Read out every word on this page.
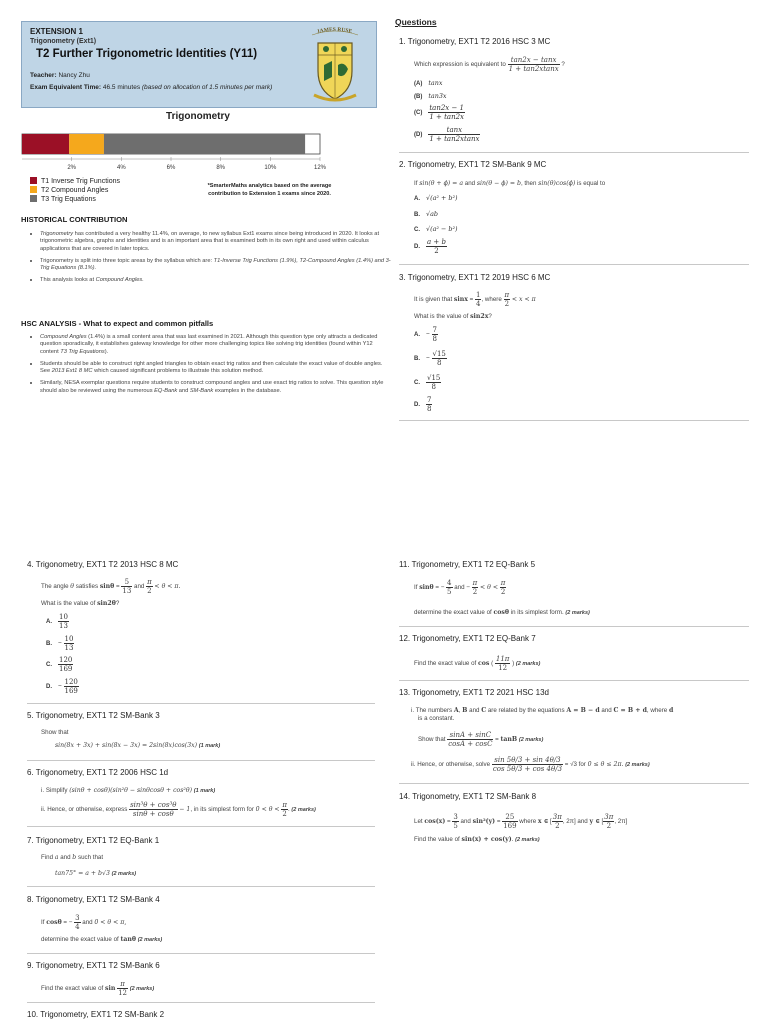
EXTENSION 1
Trigonometry (Ext1)
T2 Further Trigonometric Identities (Y11)
Teacher: Nancy Zhu
Exam Equivalent Time: 46.5 minutes (based on allocation of 1.5 minutes per mark)
JAMES RUSE
Trigonometry
2%	4%	6%	8%	10%	12%
T1 Inverse Trig Functions
T2 Compound Angles
T3 Trig Equations
*SmarterMaths analytics based on the average contribution to Extension 1 exams since 2020.
HISTORICAL CONTRIBUTION
• Trigonometry has contributed a very healthy 11.4%, on average, to new syllabus Ext1 exams since being introduced in 2020. It looks at trigonometric algebra, graphs and identities and is an important area that is examined both in its own right and used within calculus applications that are covered in later topics.
• Trigonometry is split into three topic areas by the syllabus which are: T1-Inverse Trig Functions (1.9%), T2-Compound Angles (1.4%) and 3-Trig Equations (8.1%).
• This analysis looks at Compound Angles.
HSC ANALYSIS - What to expect and common pitfalls
• Compound Angles (1.4%) is a small content area that was last examined in 2021. Although this question type only attracts a dedicated question sporadically, it establishes gateway knowledge for other more challenging topics like solving trig identities (found within Y12 content T3 Trig Equations).
• Students should be able to construct right angled triangles to obtain exact trig ratios and then calculate the exact value of double angles. See 2013 Ext1 8 MC which caused significant problems to illustrate this solution method.
• Similarly, NESA exemplar questions require students to construct compound angles and use exact trig ratios to solve. This question style should also be reviewed using the numerous EQ-Bank and SM-Bank examples in the database.
Questions
1. Trigonometry, EXT1 T2 2016 HSC 3 MC
Which expression is equivalent to $\frac{\tan 2x - \tan x}{1 + \tan 2xtanx}$ ?
(A) tanx
(B) tan3x
$(C) \frac{\tan 2x - 1}{1 + \tan 2x}$
$(D) \frac{\tan x}{1 + \tan 2xtanx}$
2. Trigonometry, EXT1 T2 SM-Bank 9 MC
If sin(θ + ϕ) = a and sin(θ − ϕ) = b, then sin(θ)cos(ϕ) is equal to
A. √(a² + b²)
B. √ab
C. √(a² − b²)
D. $\frac{a + b}{2}$
3. Trigonometry, EXT1 T2 2019 HSC 6 MC
It is given that $\sin x = \frac{1}{4}$ , where $\frac{\pi}{2} < x < \pi$
What is the value of sin2x?
A. − $\frac{7}{8}$
B. − $\frac{√15}{8}$
C. $\frac{√15}{8}$
D. $\frac{7}{8}$
4. Trigonometry, EXT1 T2 2013 HSC 8 MC
The angle θ satisfies $\sin\theta = \frac{5}{13}$ and $\frac{\pi}{2} < \theta < \pi$.
What is the value of sin2θ?
A. $\frac{10}{13}$
B. − $\frac{10}{13}$
C. $\frac{120}{169}$
D. − $\frac{120}{169}$
5. Trigonometry, EXT1 T2 SM-Bank 3
Show that
sin(8x + 3x) + sin(8x − 3x) = 2sin(8x)cos(3x) (1 mark)
6. Trigonometry, EXT1 T2 2006 HSC 1d
i. Simplify (sinθ + cosθ)(sin²θ − sinθcosθ + cos²θ) (1 mark)
ii. Hence, or otherwise, express $\frac{\text{sin³θ + cos³θ}}{\sin\theta + \cos\theta} - 1$, in its simplest form for $0 < \theta < \frac{\pi}{2}$ . (2 marks)
7. Trigonometry, EXT1 T2 EQ-Bank 1
Find a and b such that
tan75° = a + b√3 (2 marks)
8. Trigonometry, EXT1 T2 SM-Bank 4
If cosθ = − $\frac{3}{4}$ and 0 < θ < π,
determine the exact value of tanθ (2 marks)
9. Trigonometry, EXT1 T2 SM-Bank 6
Find the exact value of $\sin \frac{\pi}{12} (2$ marks)
10. Trigonometry, EXT1 T2 SM-Bank 2
11. Trigonometry, EXT1 T2 EQ-Bank 5
If sinθ = − $\frac{4}{5}$ and − $\frac{\pi}{2} < \theta < \frac{\pi}{2}$
determine the exact value of cosθ in its simplest form. (2 marks)
12. Trigonometry, EXT1 T2 EQ-Bank 7
Find the exact value of cos ( $\frac{11\pi}{12}$ ) (2 marks)
13. Trigonometry, EXT1 T2 2021 HSC 13d
i. The numbers A, B and C are related by the equations A = B − d and C = B + d, where d
is a constant.
Show that $\frac{\sin A + \sin C}{\cos A + \cos C} = \tan B$ (2 marks)
ii. Hence, or otherwise, solve $\frac{\sin 5\theta/3 + \sin 4\theta/3}{\cos 5\theta/3 + \cos 4\theta/3} = √3$ for 0 ≤ θ ≤ 2π. (2 marks)
14. Trigonometry, EXT1 T2 SM-Bank 8
Let $\cos(x) = \frac{3}{5}$ and $\sin^2(y) = \frac{25}{169}$ where x ∈ [ $\frac{3\pi}{2}$ , 2π] and y ∈ [ $\frac{3\pi}{2}$ , 2π]
Find the value of sin(x) + cos(y). (2 marks)
